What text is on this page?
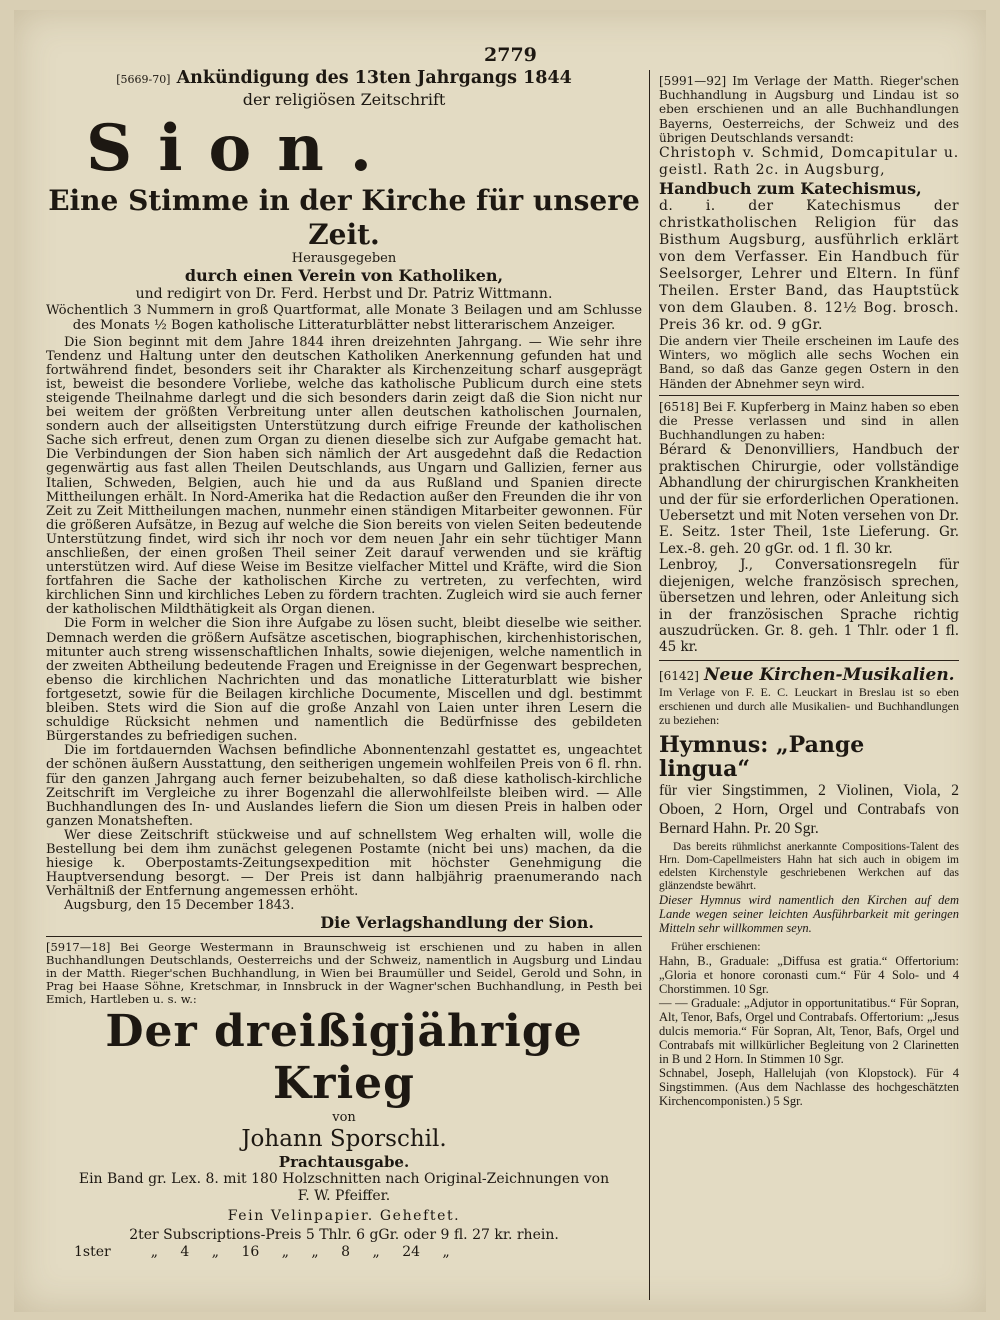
2779
[5669-70] Ankündigung des 13ten Jahrgangs 1844
der religiösen Zeitschrift
Sion.
Eine Stimme in der Kirche für unsere Zeit.
Herausgegeben
durch einen Verein von Katholiken,
und redigirt von Dr. Ferd. Herbst und Dr. Patriz Wittmann.

Wöchentlich 3 Nummern in groß Quartformat, alle Monate 3 Beilagen und am Schlusse des Monats ½ Bogen katholische Litteraturblätter nebst litterarischem Anzeiger.

Die Sion beginnt mit dem Jahre 1844 ihren dreizehnten Jahrgang. — Wie sehr ihre Tendenz und Haltung unter den deutschen Katholiken Anerkennung gefunden hat und fortwährend findet, besonders seit ihr Charakter als Kirchenzeitung scharf ausgeprägt ist, beweist die besondere Vorliebe, welche das katholische Publicum durch eine stets steigende Theilnahme darlegt und die sich besonders darin zeigt daß die Sion nicht nur bei weitem der größten Verbreitung unter allen deutschen katholischen Journalen, sondern auch der allseitigsten Unterstützung durch eifrige Freunde der katholischen Sache sich erfreut, denen zum Organ zu dienen dieselbe sich zur Aufgabe gemacht hat. Die Verbindungen der Sion haben sich nämlich der Art ausgedehnt daß die Redaction gegenwärtig aus fast allen Theilen Deutschlands, aus Ungarn und Gallizien, ferner aus Italien, Schweden, Belgien, auch hie und da aus Rußland und Spanien directe Mittheilungen erhält. In Nord-Amerika hat die Redaction außer den Freunden die ihr von Zeit zu Zeit Mittheilungen machen, nunmehr einen ständigen Mitarbeiter gewonnen. Für die größeren Aufsätze, in Bezug auf welche die Sion bereits von vielen Seiten bedeutende Unterstützung findet, wird sich ihr noch vor dem neuen Jahr ein sehr tüchtiger Mann anschließen, der einen großen Theil seiner Zeit darauf verwenden und sie kräftig unterstützen wird. Auf diese Weise im Besitze vielfacher Mittel und Kräfte, wird die Sion fortfahren die Sache der katholischen Kirche zu vertreten, zu verfechten, wird kirchlichen Sinn und kirchliches Leben zu fördern trachten. Zugleich wird sie auch ferner der katholischen Mildthätigkeit als Organ dienen.

Die Form in welcher die Sion ihre Aufgabe zu lösen sucht, bleibt dieselbe wie seither. Demnach werden die größern Aufsätze ascetischen, biographischen, kirchenhistorischen, mitunter auch streng wissenschaftlichen Inhalts, sowie diejenigen, welche namentlich in der zweiten Abtheilung bedeutende Fragen und Ereignisse in der Gegenwart besprechen, ebenso die kirchlichen Nachrichten und das monatliche Litteraturblatt wie bisher fortgesetzt, sowie für die Beilagen kirchliche Documente, Miscellen und dgl. bestimmt bleiben. Stets wird die Sion auf die große Anzahl von Laien unter ihren Lesern die schuldige Rücksicht nehmen und namentlich die Bedürfnisse des gebildeten Bürgerstandes zu befriedigen suchen.

Die im fortdauernden Wachsen befindliche Abonnentenzahl gestattet es, ungeachtet der schönen äußern Ausstattung, den seitherigen ungemein wohlfeilen Preis von 6 fl. rhn. für den ganzen Jahrgang auch ferner beizubehalten, so daß diese katholisch-kirchliche Zeitschrift im Vergleiche zu ihrer Bogenzahl die allerwohlfeilste bleiben wird. — Alle Buchhandlungen des In- und Auslandes liefern die Sion um diesen Preis in halben oder ganzen Monatsheften.

Wer diese Zeitschrift stückweise und auf schnellstem Weg erhalten will, wolle die Bestellung bei dem ihm zunächst gelegenen Postamte (nicht bei uns) machen, da die hiesige k. Oberpostamts-Zeitungsexpedition mit höchster Genehmigung die Hauptversendung besorgt. — Der Preis ist dann halbjährig praenumerando nach Verhältniß der Entfernung angemessen erhöht.

Augsburg, den 15 December 1843.

Die Verlagshandlung der Sion.

[5917—18] Bei George Westermann in Braunschweig ist erschienen und zu haben in allen Buchhandlungen Deutschlands, Oesterreichs und der Schweiz, namentlich in Augsburg und Lindau in der Matth. Rieger'schen Buchhandlung, in Wien bei Braumüller und Seidel, Gerold und Sohn, in Prag bei Haase Söhne, Kretschmar, in Innsbruck in der Wagner'schen Buchhandlung, in Pesth bei Emich, Hartleben u. s. w.:

Der dreißigjährige Krieg
von
Johann Sporschil.
Prachtausgabe.
Ein Band gr. Lex. 8. mit 180 Holzschnitten nach Original-Zeichnungen von
F. W. Pfeiffer.
Fein Velinpapier. Geheftet.
2ter Subscriptions-Preis 5 Thlr. 6 gGr. oder 9 fl. 27 kr. rhein.
1ster	„ 4 „ 16 „ „ 8 „ 24 „

[5991—92] Im Verlage der Matth. Rieger'schen Buchhandlung in Augsburg und Lindau ist so eben erschienen und an alle Buchhandlungen Bayerns, Oesterreichs, der Schweiz und des übrigen Deutschlands versandt:

Christoph v. Schmid, Domcapitular u. geistl. Rath 2c. in Augsburg,

Handbuch zum Katechismus,

d. i. der Katechismus der christkatholischen Religion für das Bisthum Augsburg, ausführlich erklärt von dem Verfasser. Ein Handbuch für Seelsorger, Lehrer und Eltern. In fünf Theilen. Erster Band, das Hauptstück von dem Glauben. 8. 12½ Bog. brosch. Preis 36 kr. od. 9 gGr.

Die andern vier Theile erscheinen im Laufe des Winters, wo möglich alle sechs Wochen ein Band, so daß das Ganze gegen Ostern in den Händen der Abnehmer seyn wird.

[6518] Bei F. Kupferberg in Mainz haben so eben die Presse verlassen und sind in allen Buchhandlungen zu haben:

Bérard & Denonvilliers, Handbuch der praktischen Chirurgie, oder vollständige Abhandlung der chirurgischen Krankheiten und der für sie erforderlichen Operationen. Uebersetzt und mit Noten versehen von Dr. E. Seitz. 1ster Theil, 1ste Lieferung. Gr. Lex.-8. geh. 20 gGr. od. 1 fl. 30 kr.

Lenbroy, J., Conversationsregeln für diejenigen, welche französisch sprechen, übersetzen und lehren, oder Anleitung sich in der französischen Sprache richtig auszudrücken. Gr. 8. geh. 1 Thlr. oder 1 fl. 45 kr.

[6142] Neue Kirchen-Musikalien.

Im Verlage von F. E. C. Leuckart in Breslau ist so eben erschienen und durch alle Musikalien- und Buchhandlungen zu beziehen:

Hymnus: „Pange lingua“

für vier Singstimmen, 2 Violinen, Viola, 2 Oboen, 2 Horn, Orgel und Contrabafs von Bernard Hahn. Pr. 20 Sgr.

Das bereits rühmlichst anerkannte Compositions-Talent des Hrn. Dom-Capellmeisters Hahn hat sich auch in obigem im edelsten Kirchenstyle geschriebenen Werkchen auf das glänzendste bewährt.

Dieser Hymnus wird namentlich den Kirchen auf dem Lande wegen seiner leichten Ausführbarkeit mit geringen Mitteln sehr willkommen seyn.

Früher erschienen:

Hahn, B., Graduale: „Diffusa est gratia.“ Offertorium: „Gloria et honore coronasti cum.“ Für 4 Solo- und 4 Chorstimmen. 10 Sgr.

— — Graduale: „Adjutor in opportunitatibus.“ Für Sopran, Alt, Tenor, Bafs, Orgel und Contrabafs. Offertorium: „Jesus dulcis memoria.“ Für Sopran, Alt, Tenor, Bafs, Orgel und Contrabafs mit willkürlicher Begleitung von 2 Clarinetten in B und 2 Horn. In Stimmen 10 Sgr.

Schnabel, Joseph, Hallelujah (von Klopstock). Für 4 Singstimmen. (Aus dem Nachlasse des hochgeschätzten Kirchencomponisten.) 5 Sgr.
